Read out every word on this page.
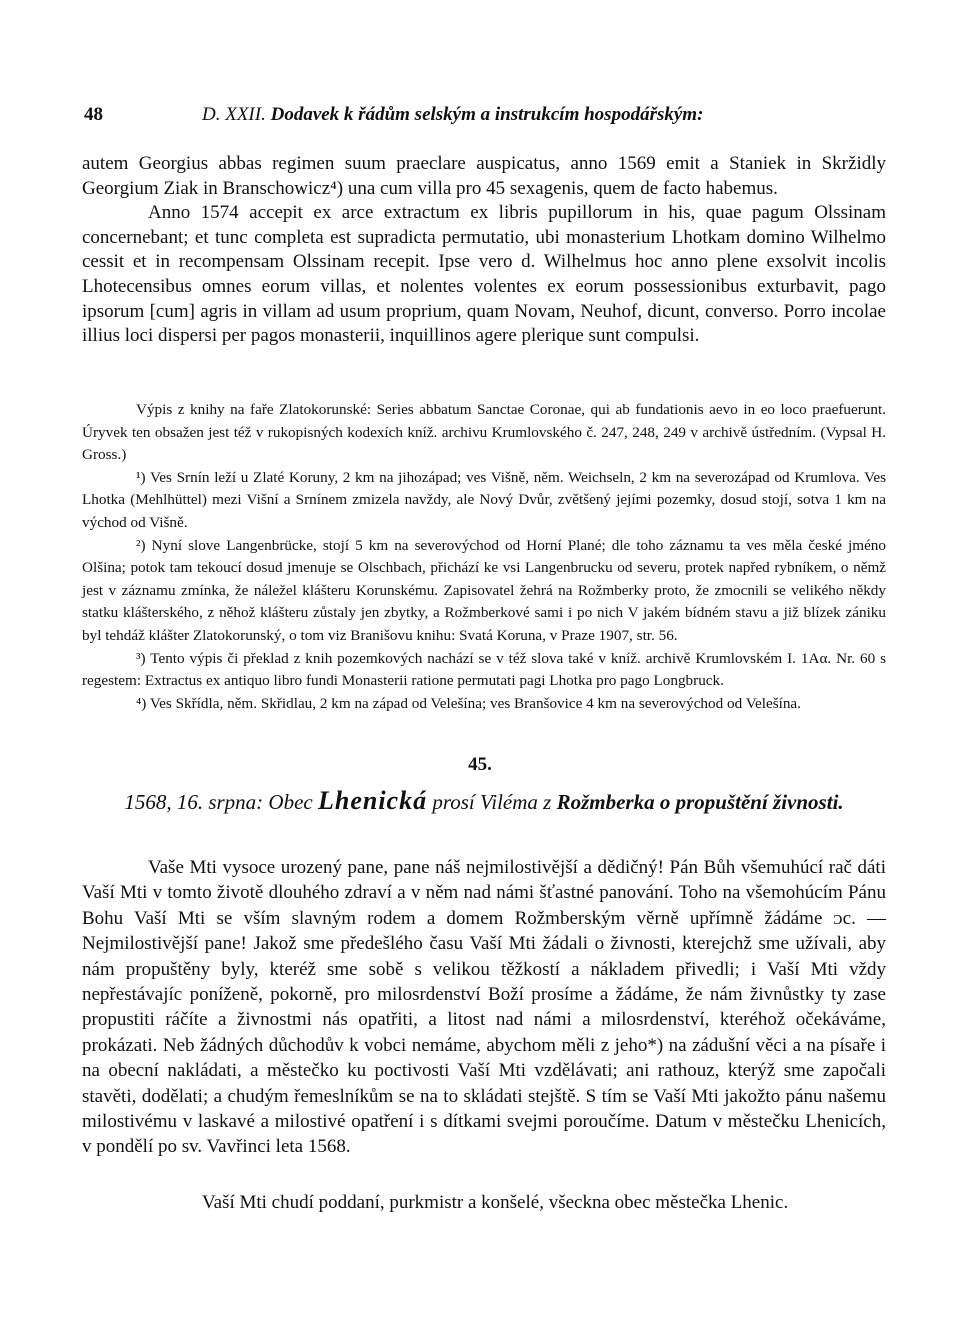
48	D. XXII. Dodavek k řádům selským a instrukcím hospodářským:

autem Georgius abbas regimen suum praeclare auspicatus, anno 1569 emit a Staniek in Skržidly Georgium Ziak in Branschowicz⁴) una cum villa pro 45 sexagenis, quem de facto habemus.

Anno 1574 accepit ex arce extractum ex libris pupillorum in his, quae pagum Olssinam concernebant; et tunc completa est supradicta permutatio, ubi monasterium Lhotkam domino Wilhelmo cessit et in recompensam Olssinam recepit. Ipse vero d. Wilhelmus hoc anno plene exsolvit incolis Lhotecensibus omnes eorum villas, et nolentes volentes ex eorum possessionibus exturbavit, pago ipsorum [cum] agris in villam ad usum proprium, quam Novam, Neuhof, dicunt, converso. Porro incolae illius loci dispersi per pagos monasterii, inquillinos agere plerique sunt compulsi.

Výpis z knihy na faře Zlatokorunské: Series abbatum Sanctae Coronae, qui ab fundationis aevo in eo loco praefuerunt. Úryvek ten obsažen jest též v rukopisných kodexích kníž. archivu Krumlovského č. 247, 248, 249 v archivě ústředním. (Vypsal H. Gross.)

¹) Ves Srnín leží u Zlaté Koruny, 2 km na jihozápad; ves Višně, něm. Weichseln, 2 km na severozápad od Krumlova. Ves Lhotka (Mehlhüttel) mezi Višní a Srnínem zmizela navždy, ale Nový Dvůr, zvětšený jejími pozemky, dosud stojí, sotva 1 km na východ od Višně.

²) Nyní slove Langenbrücke, stojí 5 km na severovýchod od Horní Plané; dle toho záznamu ta ves měla české jméno Olšina; potok tam tekoucí dosud jmenuje se Olschbach, přichází ke vsi Langenbrucku od severu, protek napřed rybníkem, o němž jest v záznamu zmínka, že náležel klášteru Korunskému. Zapisovatel žehrá na Rožmberky proto, že zmocnili se velikého někdy statku klášterského, z něhož klášteru zůstaly jen zbytky, a Rožmberkové sami i po nich V jakém bídném stavu a již blízek zániku byl tehdáž klášter Zlatokorunský, o tom viz Branišovu knihu: Svatá Koruna, v Praze 1907, str. 56.

³) Tento výpis či překlad z knih pozemkových nachází se v též slova také v kníž. archivě Krumlovském I. 1Aα. Nr. 60 s regestem: Extractus ex antiquo libro fundi Monasterii ratione permutati pagi Lhotka pro pago Longbruck.

⁴) Ves Skřídla, něm. Skřidlau, 2 km na západ od Velešína; ves Branšovice 4 km na severovýchod od Velešína.

45.
1568, 16. srpna: Obec Lhenická prosí Viléma z Rožmberka o propuštění živnosti.

Vaše Mti vysoce urozený pane, pane náš nejmilostivější a dědičný! Pán Bůh všemuhúcí rač dáti Vaší Mti v tomto životě dlouhého zdraví a v něm nad námi šťastné panování. Toho na všemohúcím Pánu Bohu Vaší Mti se vším slavným rodem a domem Rožmberským věrně upřímně žádáme ᴐc. — Nejmilostivější pane! Jakož sme předešlého času Vaší Mti žádali o živnosti, kterejchž sme užívali, aby nám propuštěny byly, kteréž sme sobě s velikou těžkostí a nákladem přivedli; i Vaší Mti vždy nepřestávajíc poníženě, pokorně, pro milosrdenství Boží prosíme a žádáme, že nám živnůstky ty zase propustiti ráčíte a živnostmi nás opatřiti, a litost nad námi a milosrdenství, kteréhož očekáváme, prokázati. Neb žádných důchodův k vobci nemáme, abychom měli z jeho*) na zádušní věci a na písaře i na obecní nakládati, a městečko ku poctivosti Vaší Mti vzdělávati; ani rathouz, kterýž sme započali stavěti, dodělati; a chudým řemeslníkům se na to skládati stejště. S tím se Vaší Mti jakožto pánu našemu milostivému v laskavé a milostivé opatření i s dítkami svejmi poroučíme. Datum v městečku Lhenicích, v pondělí po sv. Vavřinci leta 1568.

Vaší Mti chudí poddaní, purkmistr a konšelé, všeckna obec městečka Lhenic.
